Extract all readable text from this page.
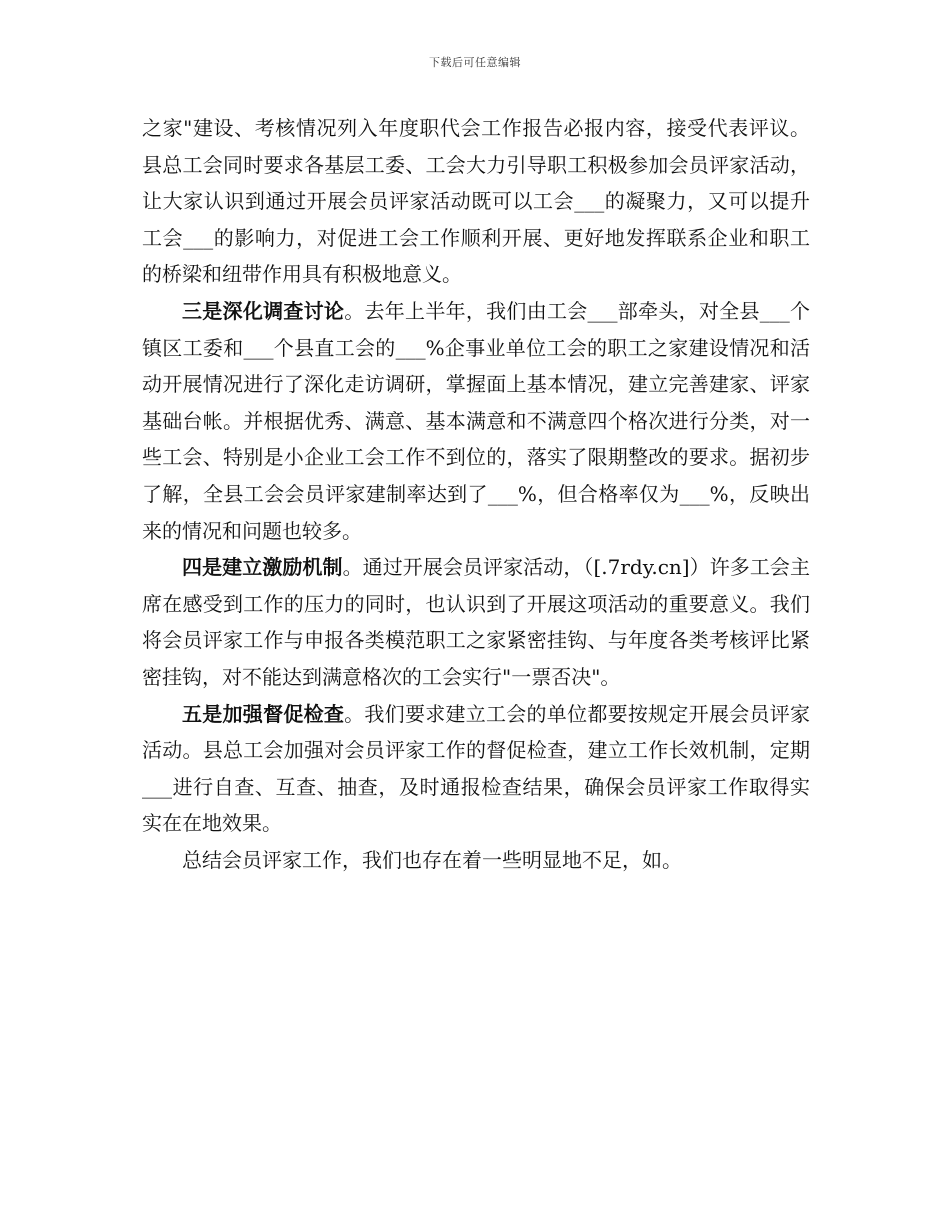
下载后可任意编辑

之家"建设、考核情况列入年度职代会工作报告必报内容，接受代表评议。县总工会同时要求各基层工委、工会大力引导职工积极参加会员评家活动，让大家认识到通过开展会员评家活动既可以工会___的凝聚力，又可以提升工会___的影响力，对促进工会工作顺利开展、更好地发挥联系企业和职工的桥梁和纽带作用具有积极地意义。

三是深化调查讨论。去年上半年，我们由工会___部牵头，对全县___个镇区工委和___个县直工会的___%企事业单位工会的职工之家建设情况和活动开展情况进行了深化走访调研，掌握面上基本情况，建立完善建家、评家基础台帐。并根据优秀、满意、基本满意和不满意四个格次进行分类，对一些工会、特别是小企业工会工作不到位的，落实了限期整改的要求。据初步了解，全县工会会员评家建制率达到了___%，但合格率仅为___%，反映出来的情况和问题也较多。

四是建立激励机制。通过开展会员评家活动，（[.7rdy.cn]）许多工会主席在感受到工作的压力的同时，也认识到了开展这项活动的重要意义。我们将会员评家工作与申报各类模范职工之家紧密挂钩、与年度各类考核评比紧密挂钩，对不能达到满意格次的工会实行"一票否决"。

五是加强督促检查。我们要求建立工会的单位都要按规定开展会员评家活动。县总工会加强对会员评家工作的督促检查，建立工作长效机制，定期___进行自查、互查、抽查，及时通报检查结果，确保会员评家工作取得实实在在地效果。

总结会员评家工作，我们也存在着一些明显地不足，如。
